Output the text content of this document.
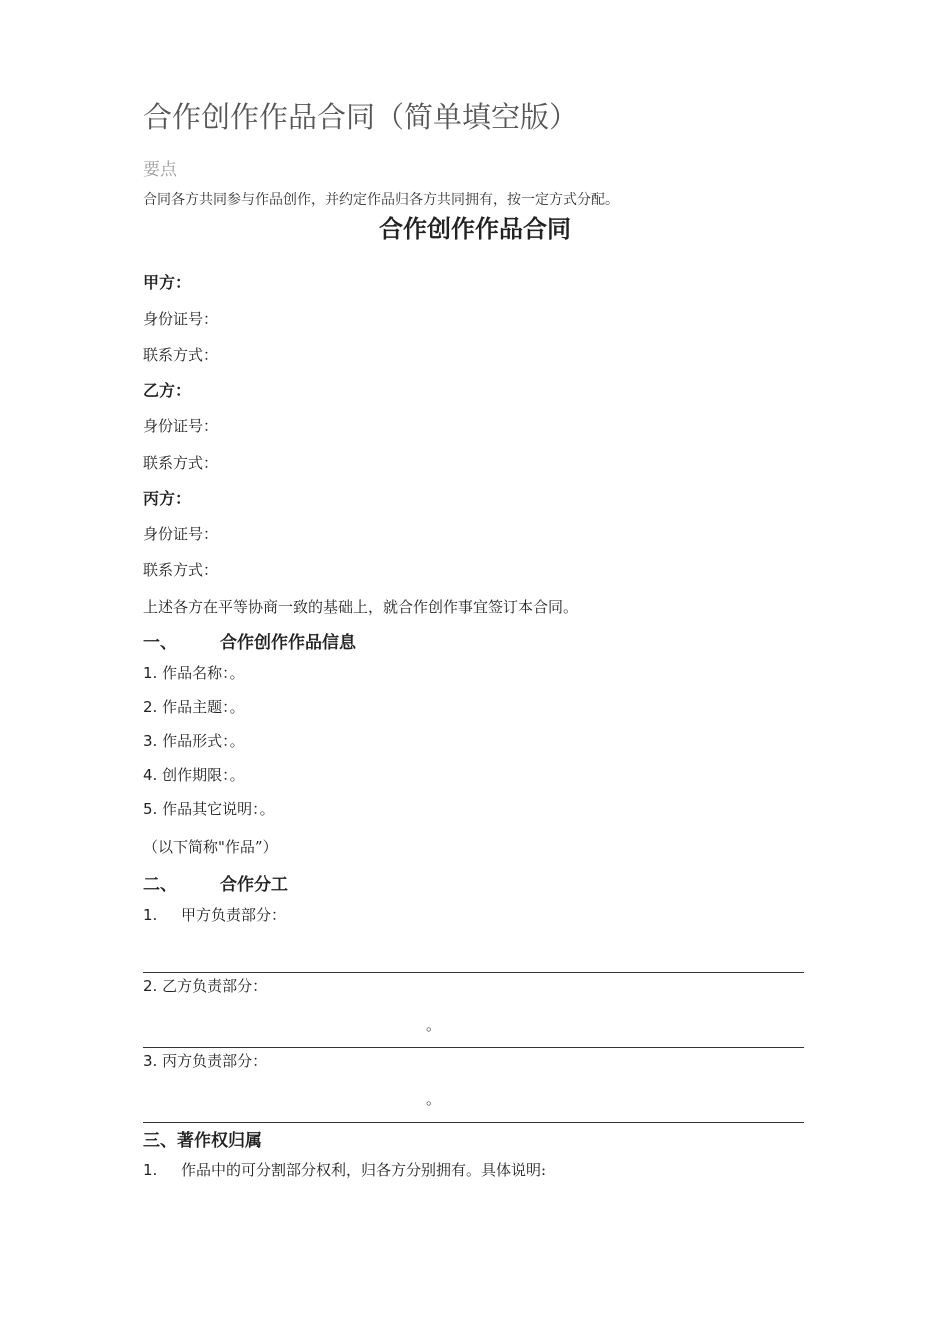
合作创作作品合同（简单填空版）
要点
合同各方共同参与作品创作，并约定作品归各方共同拥有，按一定方式分配。
合作创作作品合同
甲方：
身份证号：
联系方式：
乙方：
身份证号：
联系方式：
丙方：
身份证号：
联系方式：
上述各方在平等协商一致的基础上，就合作创作事宜签订本合同。
一、	合作创作作品信息
1. 作品名称：。
2. 作品主题：。
3. 作品形式：。
4. 创作期限：。
5. 作品其它说明：。
（以下简称"作品”）
二、	合作分工
1. 甲方负责部分：
2. 乙方负责部分：
。
3. 丙方负责部分：
。
三、著作权归属
1. 作品中的可分割部分权利，归各方分别拥有。具体说明:
